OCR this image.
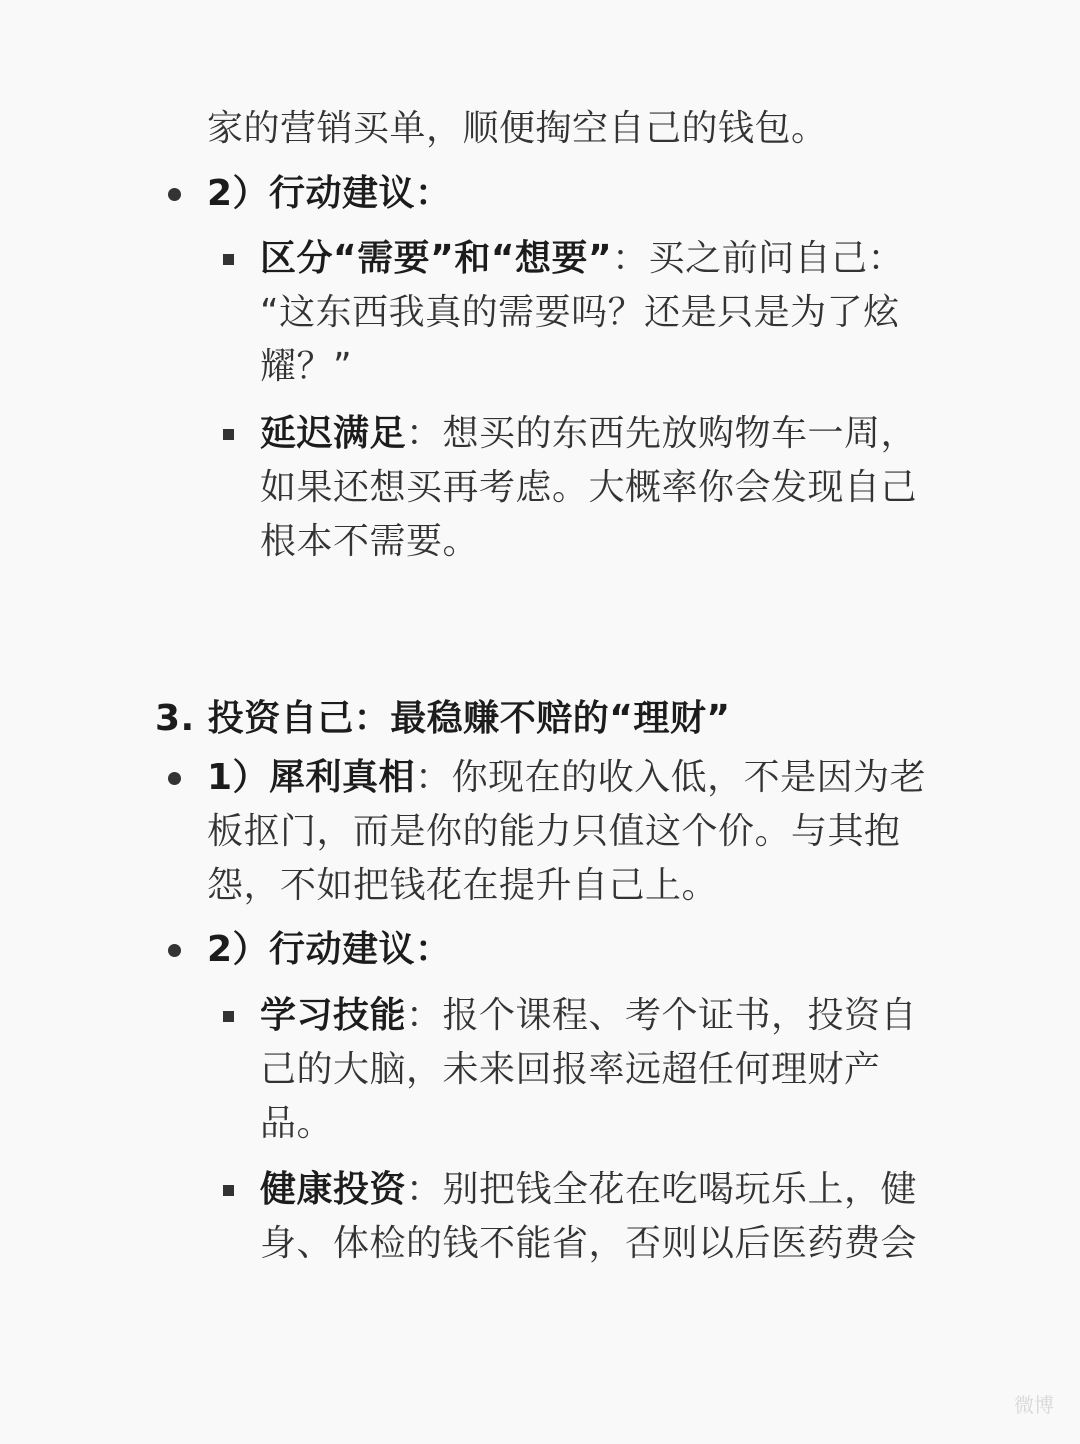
家的营销买单，顺便掏空自己的钱包。
2）行动建议：
区分“需要”和“想要”：买之前问自己：
“这东西我真的需要吗？还是只是为了炫
耀？”
延迟满足：想买的东西先放购物车一周，
如果还想买再考虑。大概率你会发现自己
根本不需要。
3. 投资自己：最稳赚不赔的“理财”
1）犀利真相：你现在的收入低，不是因为老
板抠门，而是你的能力只值这个价。与其抱
怨，不如把钱花在提升自己上。
2）行动建议：
学习技能：报个课程、考个证书，投资自
己的大脑，未来回报率远超任何理财产
品。
健康投资：别把钱全花在吃喝玩乐上，健
身、体检的钱不能省，否则以后医药费会
微博
